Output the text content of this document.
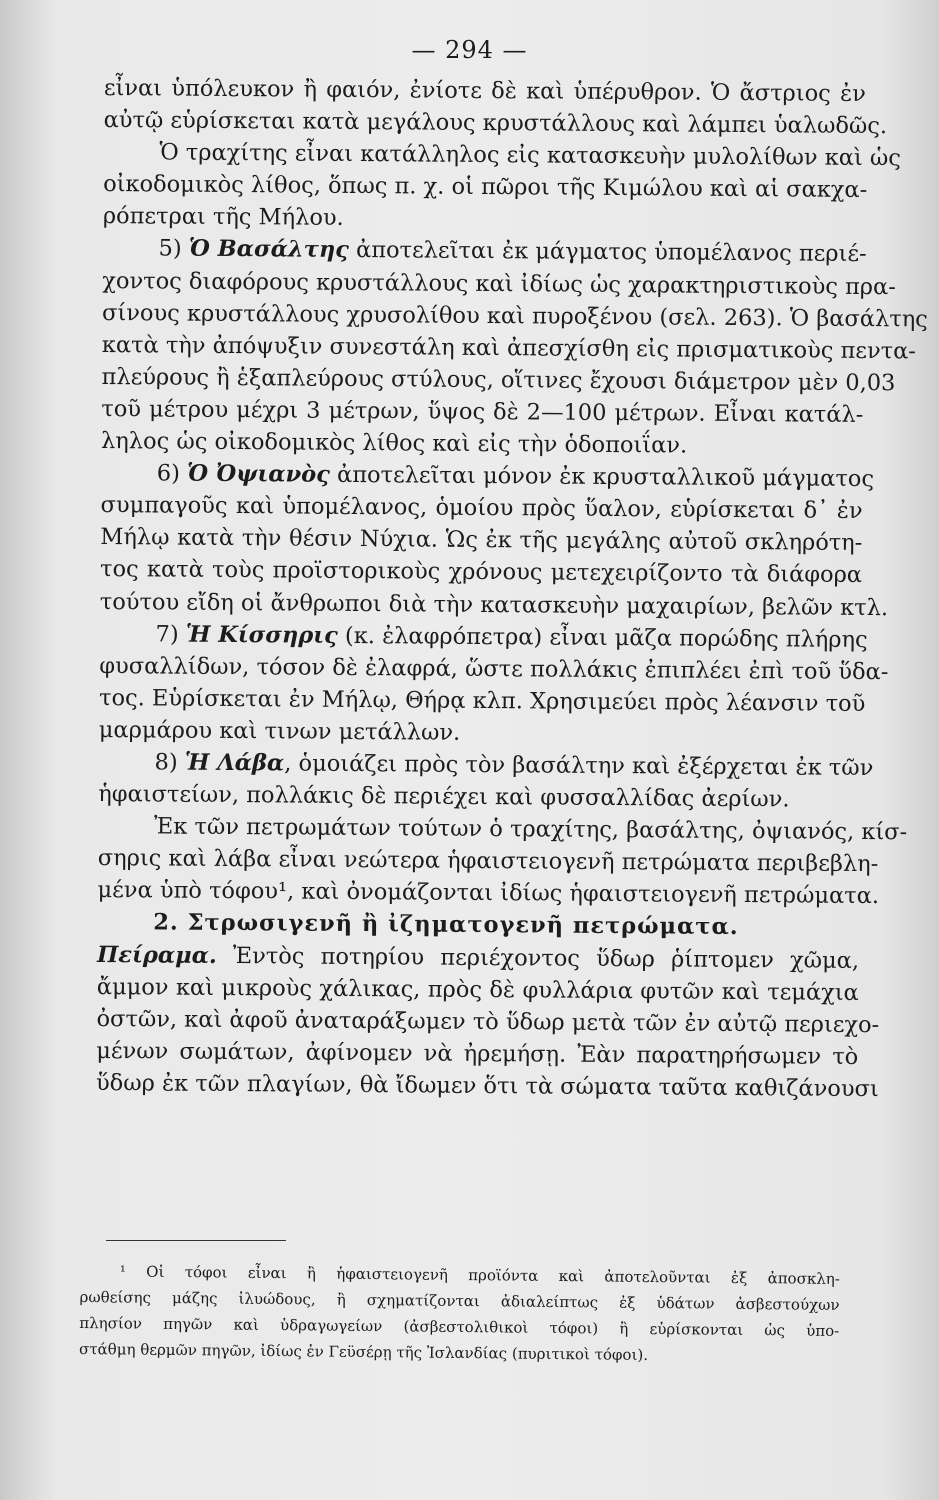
— 294 —
εἶναι ὑπόλευκον ἢ φαιόν, ἐνίοτε δὲ καὶ ὑπέρυθρον. Ὁ ἄστριος ἐν
αὐτῷ εὑρίσκεται κατὰ μεγάλους κρυστάλλους καὶ λάμπει ὑαλωδῶς.
Ὁ τραχίτης εἶναι κατάλληλος εἰς κατασκευὴν μυλολίθων καὶ ὡς
οἰκοδομικὸς λίθος, ὅπως π. χ. οἱ πῶροι τῆς Κιμώλου καὶ αἱ σακχα-
ρόπετραι τῆς Μήλου.
5) Ὁ Βασάλτης ἀποτελεῖται ἐκ μάγματος ὑπομέλανος περιέ-
χοντος διαφόρους κρυστάλλους καὶ ἰδίως ὡς χαρακτηριστικοὺς πρα-
σίνους κρυστάλλους χρυσολίθου καὶ πυροξένου (σελ. 263). Ὁ βασάλτης
κατὰ τὴν ἀπόψυξιν συνεστάλη καὶ ἀπεσχίσθη εἰς πρισματικοὺς πεντα-
πλεύρους ἢ ἑξαπλεύρους στύλους, οἵτινες ἔχουσι διάμετρον μὲν 0,03
τοῦ μέτρου μέχρι 3 μέτρων, ὕψος δὲ 2—100 μέτρων. Εἶναι κατάλ-
ληλος ὡς οἰκοδομικὸς λίθος καὶ εἰς τὴν ὁδοποιΐαν.
6) Ὁ Ὀψιανὸς ἀποτελεῖται μόνον ἐκ κρυσταλλικοῦ μάγματος
συμπαγοῦς καὶ ὑπομέλανος, ὁμοίου πρὸς ὕαλον, εὑρίσκεται δ᾽ ἐν
Μήλῳ κατὰ τὴν θέσιν Νύχια. Ὡς ἐκ τῆς μεγάλης αὐτοῦ σκληρότη-
τος κατὰ τοὺς προϊστορικοὺς χρόνους μετεχειρίζοντο τὰ διάφορα
τούτου εἴδη οἱ ἄνθρωποι διὰ τὴν κατασκευὴν μαχαιρίων, βελῶν κτλ.
7) Ἡ Κίσσηρις (κ. ἐλαφρόπετρα) εἶναι μᾶζα πορώδης πλήρης
φυσαλλίδων, τόσον δὲ ἐλαφρά, ὥστε πολλάκις ἐπιπλέει ἐπὶ τοῦ ὕδα-
τος. Εὑρίσκεται ἐν Μήλῳ, Θήρᾳ κλπ. Χρησιμεύει πρὸς λέανσιν τοῦ
μαρμάρου καὶ τινων μετάλλων.
8) Ἡ Λάβα, ὁμοιάζει πρὸς τὸν βασάλτην καὶ ἐξέρχεται ἐκ τῶν
ἡφαιστείων, πολλάκις δὲ περιέχει καὶ φυσσαλλίδας ἀερίων.
Ἐκ τῶν πετρωμάτων τούτων ὁ τραχίτης, βασάλτης, ὀψιανός, κίσ-
σηρις καὶ λάβα εἶναι νεώτερα ἡφαιστειογενῆ πετρώματα περιβεβλη-
μένα ὑπὸ τόφου¹, καὶ ὀνομάζονται ἰδίως ἡφαιστειογενῆ πετρώματα.
2. Στρωσιγενῆ ἢ ἰζηματογενῆ πετρώματα.
Πείραμα. Ἐντὸς ποτηρίου περιέχοντος ὕδωρ ῥίπτομεν χῶμα,
ἄμμον καὶ μικροὺς χάλικας, πρὸς δὲ φυλλάρια φυτῶν καὶ τεμάχια
ὀστῶν, καὶ ἀφοῦ ἀναταράξωμεν τὸ ὕδωρ μετὰ τῶν ἐν αὐτῷ περιεχο-
μένων σωμάτων, ἀφίνομεν νὰ ἠρεμήσῃ. Ἐὰν παρατηρήσωμεν τὸ
ὕδωρ ἐκ τῶν πλαγίων, θὰ ἴδωμεν ὅτι τὰ σώματα ταῦτα καθιζάνουσι
¹ Οἱ τόφοι εἶναι ἢ ἡφαιστειογενῆ προϊόντα καὶ ἀποτελοῦνται ἐξ ἀποσκλη-
ρωθείσης μάζης ἰλυώδους, ἢ σχηματίζονται ἀδιαλείπτως ἐξ ὑδάτων ἀσβεστούχων
πλησίον πηγῶν καὶ ὑδραγωγείων (ἀσβεστολιθικοὶ τόφοι) ἢ εὑρίσκονται ὡς ὑπο-
στάθμη θερμῶν πηγῶν, ἰδίως ἐν Γεϋσέρῃ τῆς Ἰσλανδίας (πυριτικοὶ τόφοι).
